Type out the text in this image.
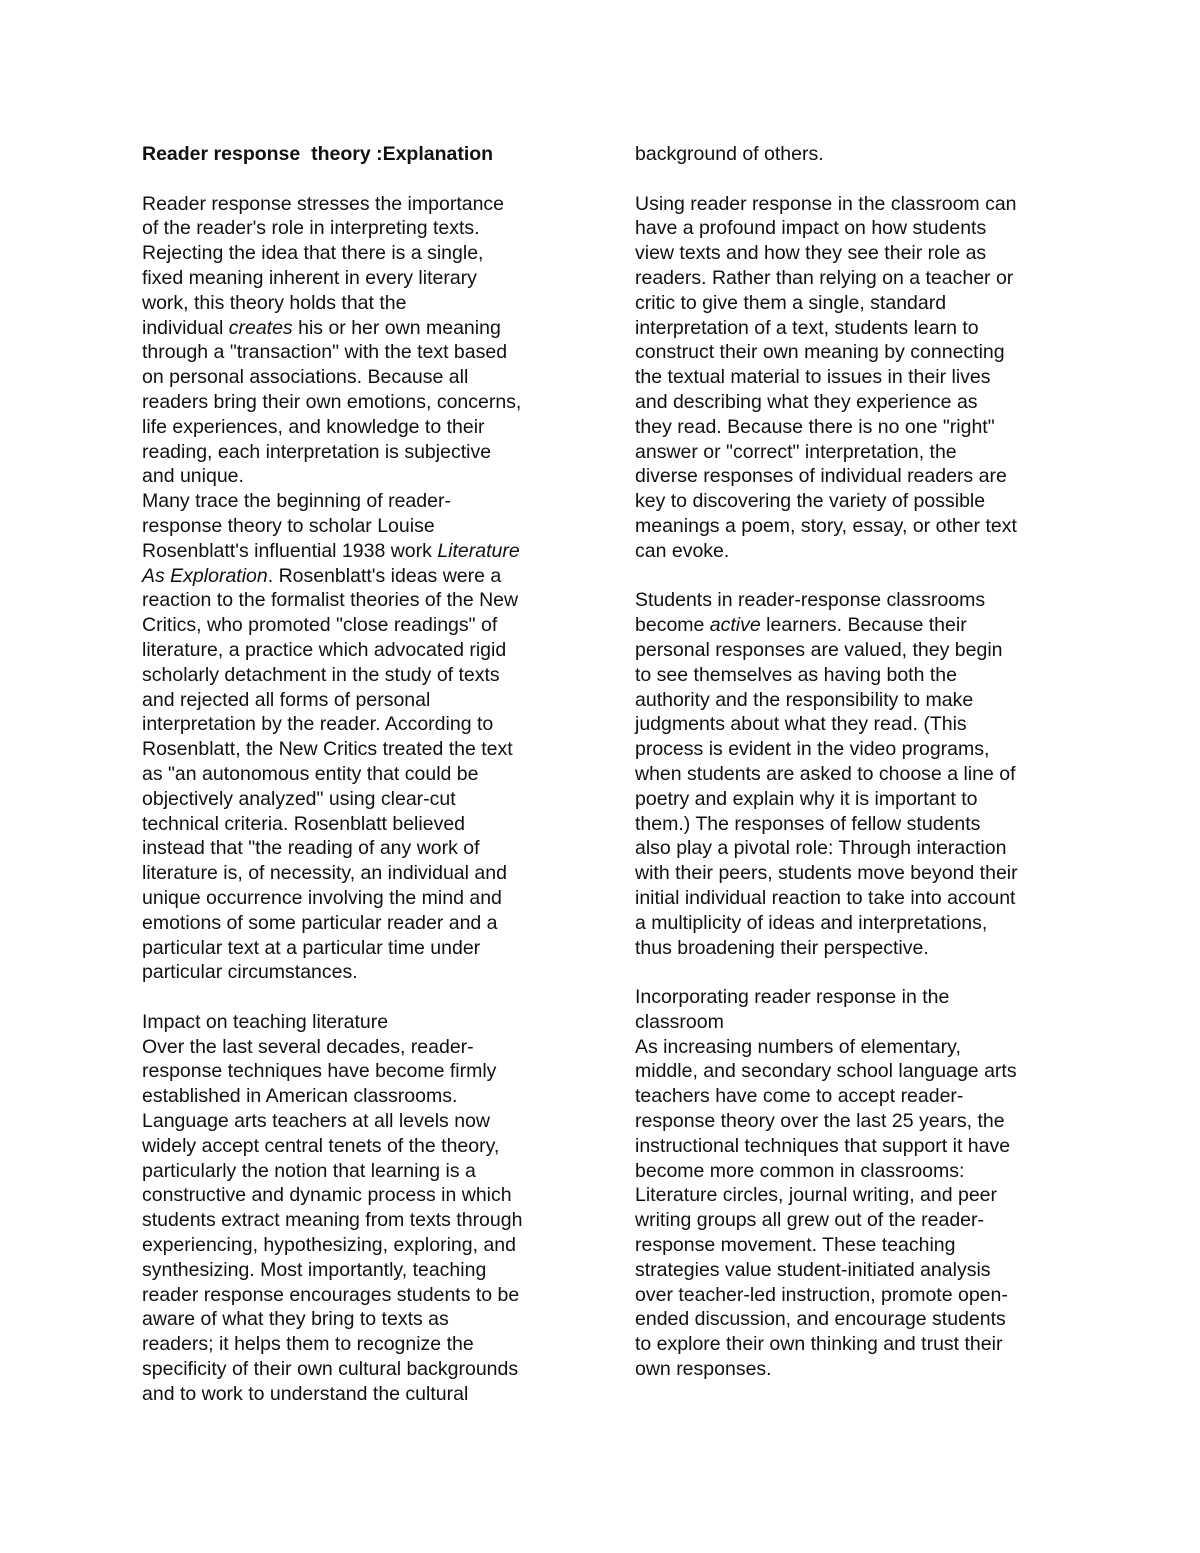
Reader response  theory :Explanation
Reader response stresses the importance
of the reader's role in interpreting texts.
Rejecting the idea that there is a single,
fixed meaning inherent in every literary
work, this theory holds that the
individual creates his or her own meaning
through a "transaction" with the text based
on personal associations. Because all
readers bring their own emotions, concerns,
life experiences, and knowledge to their
reading, each interpretation is subjective
and unique.
Many trace the beginning of reader-
response theory to scholar Louise
Rosenblatt's influential 1938 work Literature
As Exploration. Rosenblatt's ideas were a
reaction to the formalist theories of the New
Critics, who promoted "close readings" of
literature, a practice which advocated rigid
scholarly detachment in the study of texts
and rejected all forms of personal
interpretation by the reader. According to
Rosenblatt, the New Critics treated the text
as "an autonomous entity that could be
objectively analyzed" using clear-cut
technical criteria. Rosenblatt believed
instead that "the reading of any work of
literature is, of necessity, an individual and
unique occurrence involving the mind and
emotions of some particular reader and a
particular text at a particular time under
particular circumstances.
Impact on teaching literature
Over the last several decades, reader-
response techniques have become firmly
established in American classrooms.
Language arts teachers at all levels now
widely accept central tenets of the theory,
particularly the notion that learning is a
constructive and dynamic process in which
students extract meaning from texts through
experiencing, hypothesizing, exploring, and
synthesizing. Most importantly, teaching
reader response encourages students to be
aware of what they bring to texts as
readers; it helps them to recognize the
specificity of their own cultural backgrounds
and to work to understand the cultural
background of others.
Using reader response in the classroom can
have a profound impact on how students
view texts and how they see their role as
readers. Rather than relying on a teacher or
critic to give them a single, standard
interpretation of a text, students learn to
construct their own meaning by connecting
the textual material to issues in their lives
and describing what they experience as
they read. Because there is no one "right"
answer or "correct" interpretation, the
diverse responses of individual readers are
key to discovering the variety of possible
meanings a poem, story, essay, or other text
can evoke.
Students in reader-response classrooms
become active learners. Because their
personal responses are valued, they begin
to see themselves as having both the
authority and the responsibility to make
judgments about what they read. (This
process is evident in the video programs,
when students are asked to choose a line of
poetry and explain why it is important to
them.) The responses of fellow students
also play a pivotal role: Through interaction
with their peers, students move beyond their
initial individual reaction to take into account
a multiplicity of ideas and interpretations,
thus broadening their perspective.
Incorporating reader response in the
classroom
As increasing numbers of elementary,
middle, and secondary school language arts
teachers have come to accept reader-
response theory over the last 25 years, the
instructional techniques that support it have
become more common in classrooms:
Literature circles, journal writing, and peer
writing groups all grew out of the reader-
response movement. These teaching
strategies value student-initiated analysis
over teacher-led instruction, promote open-
ended discussion, and encourage students
to explore their own thinking and trust their
own responses.
